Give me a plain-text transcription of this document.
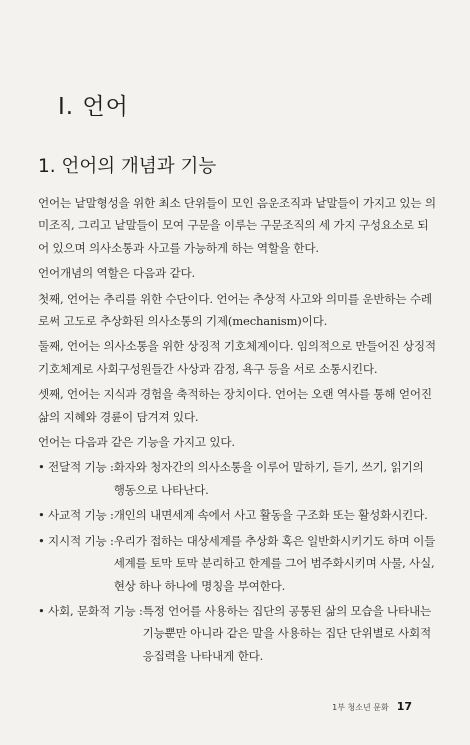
Ⅰ. 언어
1. 언어의 개념과 기능

언어는 낱말형성을 위한 최소 단위들이 모인 음운조직과 낱말들이 가지고 있는 의미조직, 그리고 낱말들이 모여 구문을 이루는 구문조직의 세 가지 구성요소로 되어 있으며 의사소통과 사고를 가능하게 하는 역할을 한다.

언어개념의 역할은 다음과 같다.

첫째, 언어는 추리를 위한 수단이다. 언어는 추상적 사고와 의미를 운반하는 수레로써 고도로 추상화된 의사소통의 기제(mechanism)이다.

둘째, 언어는 의사소통을 위한 상징적 기호체계이다. 임의적으로 만들어진 상징적 기호체계로 사회구성원들간 사상과 감정, 욕구 등을 서로 소통시킨다.

셋째, 언어는 지식과 경험을 축적하는 장치이다. 언어는 오랜 역사를 통해 얻어진 삶의 지혜와 경륜이 담겨져 있다.

언어는 다음과 같은 기능을 가지고 있다.

• 전달적 기능 : 화자와 청자간의 의사소통을 이루어 말하기, 듣기, 쓰기, 읽기의 행동으로 나타난다.
• 사교적 기능 : 개인의 내면세계 속에서 사고 활동을 구조화 또는 활성화시킨다.
• 지시적 기능 : 우리가 접하는 대상세계를 추상화 혹은 일반화시키기도 하며 이들 세계를 토막 토막 분리하고 한계를 그어 범주화시키며 사물, 사실, 현상 하나 하나에 명칭을 부여한다.
• 사회, 문화적 기능 : 특정 언어를 사용하는 집단의 공통된 삶의 모습을 나타내는 기능뿐만 아니라 같은 말을 사용하는 집단 단위별로 사회적 응집력을 나타내게 한다.
1부 청소년 문화 17
